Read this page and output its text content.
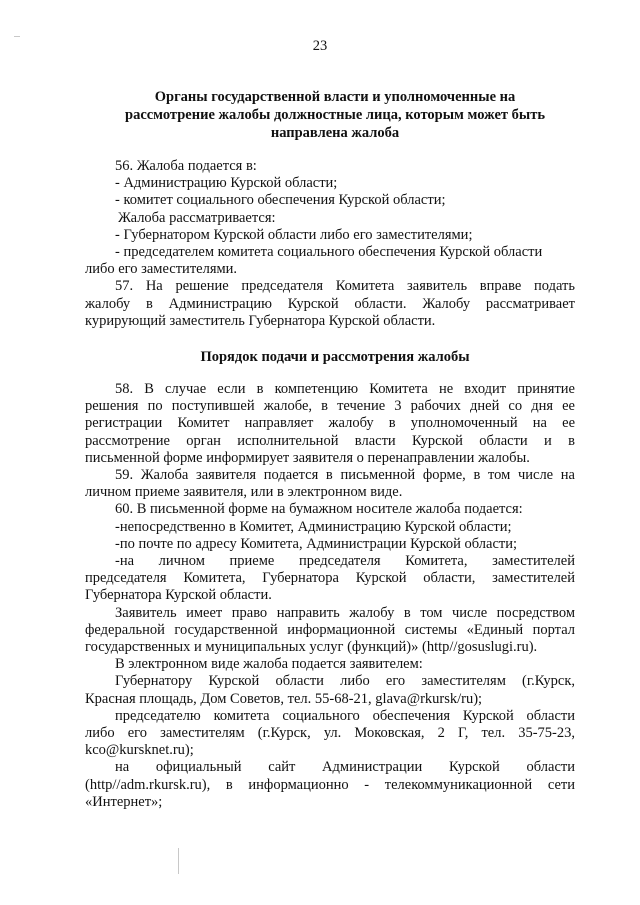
23
Органы государственной власти и уполномоченные на
рассмотрение жалобы должностные лица, которым может быть
направлена жалоба
56. Жалоба подается в:
- Администрацию Курской области;
- комитет социального обеспечения Курской области;
Жалоба рассматривается:
- Губернатором Курской области либо его заместителями;
- председателем комитета социального обеспечения Курской области
либо его заместителями.
57. На решение председателя Комитета заявитель вправе подать
жалобу в Администрацию Курской области. Жалобу рассматривает
курирующий заместитель Губернатора Курской области.
Порядок подачи и рассмотрения жалобы
58. В случае если в компетенцию Комитета не входит принятие
решения по поступившей жалобе, в течение 3 рабочих дней со дня ее
регистрации Комитет направляет жалобу в уполномоченный на ее
рассмотрение орган исполнительной власти Курской области и в
письменной форме информирует заявителя о перенаправлении жалобы.
59. Жалоба заявителя подается в письменной форме, в том числе на
личном приеме заявителя, или в электронном виде.
60. В письменной форме на бумажном носителе жалоба подается:
-непосредственно в Комитет, Администрацию Курской области;
-по почте по адресу Комитета, Администрации Курской области;
-на личном приеме председателя Комитета, заместителей
председателя Комитета, Губернатора Курской области, заместителей
Губернатора Курской области.
Заявитель имеет право направить жалобу в том числе посредством
федеральной государственной информационной системы «Единый портал
государственных и муниципальных услуг (функций)» (http//gosuslugi.ru).
В электронном виде жалоба подается заявителем:
Губернатору Курской области либо его заместителям (г.Курск,
Красная площадь, Дом Советов, тел. 55-68-21, glava@rkursk/ru);
председателю комитета социального обеспечения Курской области
либо его заместителям (г.Курск, ул. Моковская, 2 Г, тел. 35-75-23,
kco@kursknet.ru);
на официальный сайт Администрации Курской области
(http//adm.rkursk.ru), в информационно - телекоммуникационной сети
«Интернет»;
